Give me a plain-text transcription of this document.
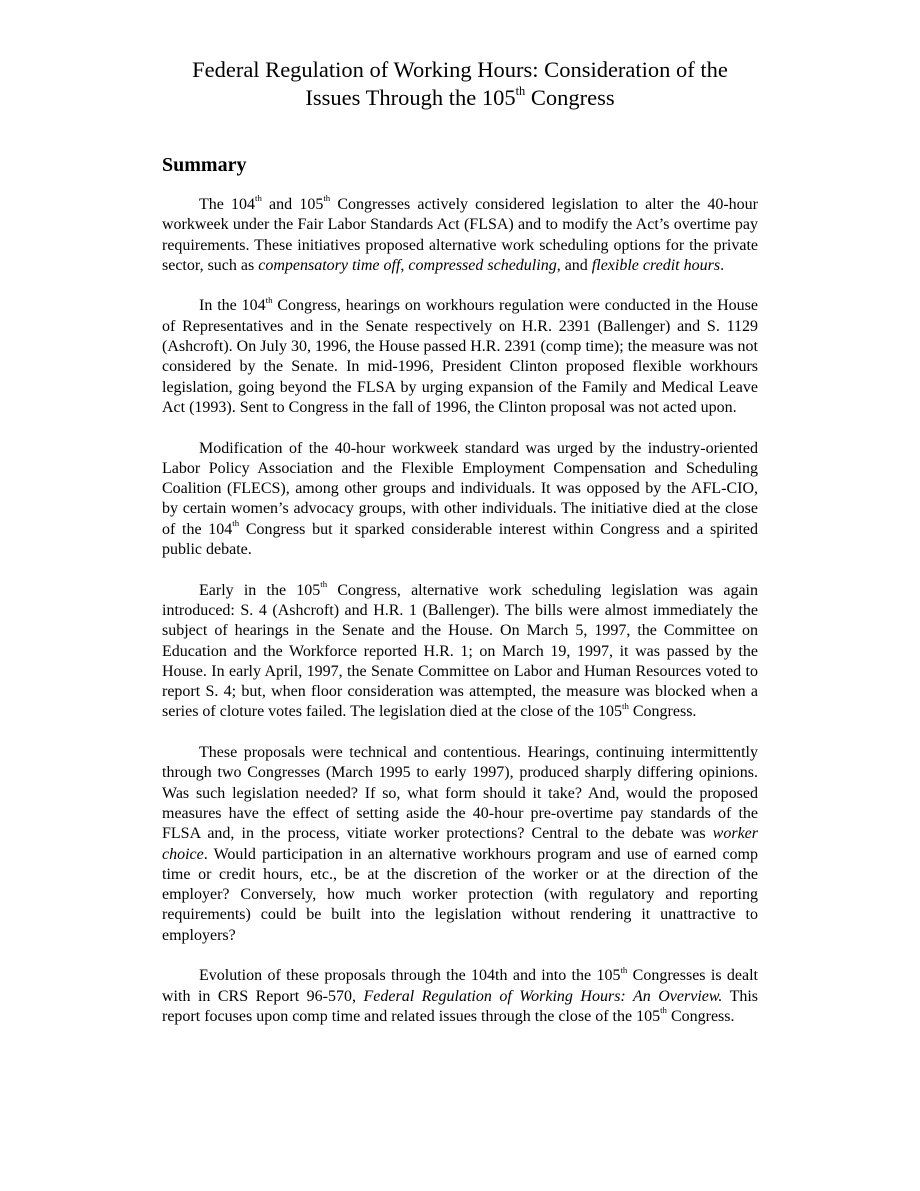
Federal Regulation of Working Hours: Consideration of the
Issues Through the 105th Congress
Summary

The 104th and 105th Congresses actively considered legislation to alter the 40-hour workweek under the Fair Labor Standards Act (FLSA) and to modify the Act’s overtime pay requirements. These initiatives proposed alternative work scheduling options for the private sector, such as compensatory time off, compressed scheduling, and flexible credit hours.

In the 104th Congress, hearings on workhours regulation were conducted in the House of Representatives and in the Senate respectively on H.R. 2391 (Ballenger) and S. 1129 (Ashcroft). On July 30, 1996, the House passed H.R. 2391 (comp time); the measure was not considered by the Senate. In mid-1996, President Clinton proposed flexible workhours legislation, going beyond the FLSA by urging expansion of the Family and Medical Leave Act (1993). Sent to Congress in the fall of 1996, the Clinton proposal was not acted upon.

Modification of the 40-hour workweek standard was urged by the industry-oriented Labor Policy Association and the Flexible Employment Compensation and Scheduling Coalition (FLECS), among other groups and individuals. It was opposed by the AFL-CIO, by certain women’s advocacy groups, with other individuals. The initiative died at the close of the 104th Congress but it sparked considerable interest within Congress and a spirited public debate.

Early in the 105th Congress, alternative work scheduling legislation was again introduced: S. 4 (Ashcroft) and H.R. 1 (Ballenger). The bills were almost immediately the subject of hearings in the Senate and the House. On March 5, 1997, the Committee on Education and the Workforce reported H.R. 1; on March 19, 1997, it was passed by the House. In early April, 1997, the Senate Committee on Labor and Human Resources voted to report S. 4; but, when floor consideration was attempted, the measure was blocked when a series of cloture votes failed. The legislation died at the close of the 105th Congress.

These proposals were technical and contentious. Hearings, continuing intermittently through two Congresses (March 1995 to early 1997), produced sharply differing opinions. Was such legislation needed? If so, what form should it take? And, would the proposed measures have the effect of setting aside the 40-hour pre-overtime pay standards of the FLSA and, in the process, vitiate worker protections? Central to the debate was worker choice. Would participation in an alternative workhours program and use of earned comp time or credit hours, etc., be at the discretion of the worker or at the direction of the employer? Conversely, how much worker protection (with regulatory and reporting requirements) could be built into the legislation without rendering it unattractive to employers?

Evolution of these proposals through the 104th and into the 105th Congresses is dealt with in CRS Report 96-570, Federal Regulation of Working Hours: An Overview. This report focuses upon comp time and related issues through the close of the 105th Congress.
